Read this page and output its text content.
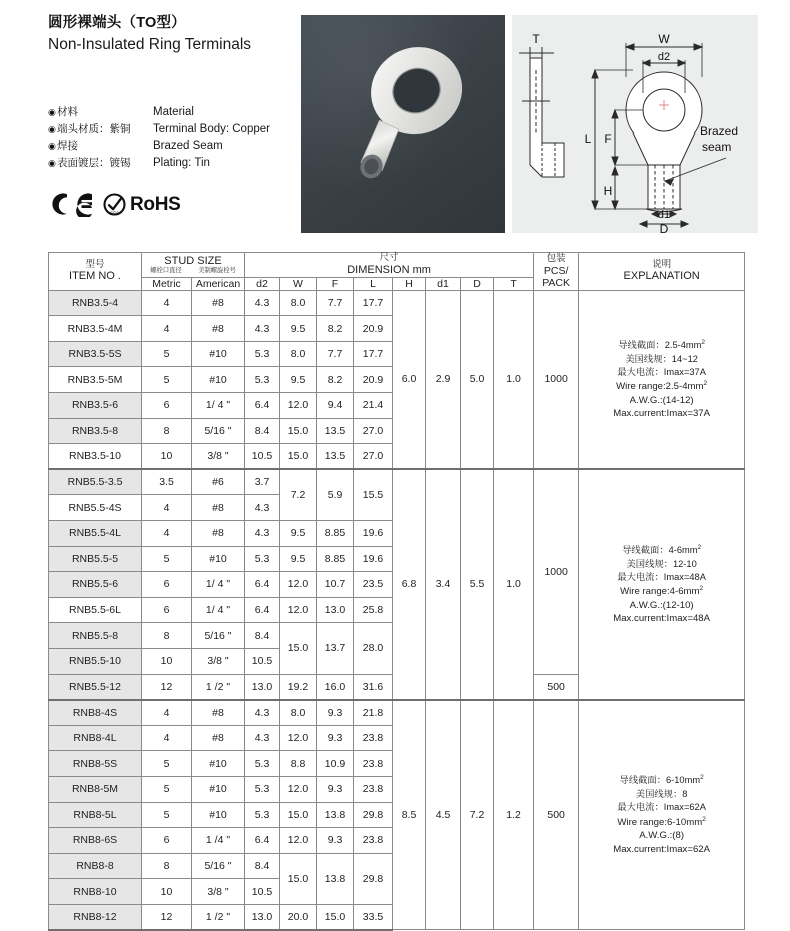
圆形裸端头（TO型）
Non-Insulated Ring Terminals
◉ 材料	Material
◉ 端头材质：紫铜	Terminal Body: Copper
◉ 焊接	Brazed Seam
◉ 表面镀层：镀锡	Plating: Tin
SGS RoHS
T	W
d2
L F
H
d1
D
Brazed
seam
型号
ITEM NO .

STUD SIZE
螺栓口直径	美制螺旋栓号

尺寸
DIMENSION mm

包装
PCS/
PACK

说明
EXPLANATION

	Metric	American	d2	W	F	L	H	d1	D	T		
RNB3.5-4	4	#8	4.3	8.0	7.7	17.7	6.0	2.9	5.0	1.0	1000	
导线截面：$2.5-4mm^2$
美国线规：14~12
最大电流：Imax=37A
Wire $range:2.5-4mm^2$
A.W.G.:(14-12)
Max.current:Imax=37A

RNB3.5-4M	4	#8	4.3	9.5	8.2	20.9						
RNB3.5-5S	5	#10	5.3	8.0	7.7	17.7						
RNB3.5-5M	5	#10	5.3	9.5	8.2	20.9						
RNB3.5-6	6	1/ 4 "	6.4	12.0	9.4	21.4						
RNB3.5-8	8	5/16 "	8.4	15.0	13.5	27.0						
RNB3.5-10	10	3/8 "	10.5	15.0	13.5	27.0						
RNB5.5-3.5	3.5	#6	3.7	7.2	5.9	15.5	6.8	3.4	5.5	1.0	1000	
导线截面：$4-6mm^2$
美国线规：12-10
最大电流：Imax=48A
Wire $range:4-6mm^2$
A.W.G.:(12-10)
Max.current:Imax=48A

RNB5.5-4S	4	#8	4.3									
RNB5.5-4L	4	#8	4.3	9.5	8.85	19.6						
RNB5.5-5	5	#10	5.3	9.5	8.85	19.6						
RNB5.5-6	6	1/ 4 "	6.4	12.0	10.7	23.5						
RNB5.5-6L	6	1/ 4 "	6.4	12.0	13.0	25.8						
RNB5.5-8	8	5/16 "	8.4	15.0	13.7	28.0						
RNB5.5-10	10	3/8 "	10.5									
RNB5.5-12	12	1 /2 "	13.0	19.2	16.0	31.6					500	
RNB8-4S	4	#8	4.3	8.0	9.3	21.8	8.5	4.5	7.2	1.2	500	
导线截面：$6-10mm^2$
美国线规：8
最大电流：Imax=62A
Wire $range:6-10mm^2$
A.W.G.:(8)
Max.current:Imax=62A

RNB8-4L	4	#8	4.3	12.0	9.3	23.8						
RNB8-5S	5	#10	5.3	8.8	10.9	23.8						
RNB8-5M	5	#10	5.3	12.0	9.3	23.8						
RNB8-5L	5	#10	5.3	15.0	13.8	29.8						
RNB8-6S	6	1 /4 "	6.4	12.0	9.3	23.8						
RNB8-8	8	5/16 "	8.4	15.0	13.8	29.8						
RNB8-10	10	3/8 "	10.5									
RNB8-12	12	1 /2 "	13.0	20.0	15.0	33.5						
